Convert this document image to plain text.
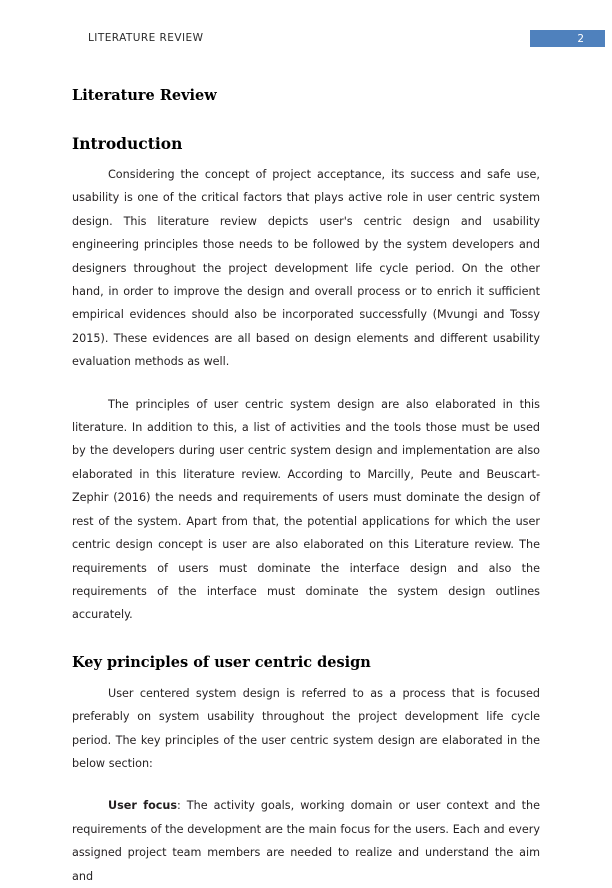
LITERATURE REVIEW	2
Literature Review
Introduction

Considering the concept of project acceptance, its success and safe use, usability is one of the critical factors that plays active role in user centric system design. This literature review depicts user's centric design and usability engineering principles those needs to be followed by the system developers and designers throughout the project development life cycle period. On the other hand, in order to improve the design and overall process or to enrich it sufficient empirical evidences should also be incorporated successfully (Mvungi and Tossy 2015). These evidences are all based on design elements and different usability evaluation methods as well.

The principles of user centric system design are also elaborated in this literature. In addition to this, a list of activities and the tools those must be used by the developers during user centric system design and implementation are also elaborated in this literature review. According to Marcilly, Peute and Beuscart-Zephir (2016) the needs and requirements of users must dominate the design of rest of the system. Apart from that, the potential applications for which the user centric design concept is user are also elaborated on this Literature review. The requirements of users must dominate the interface design and also the requirements of the interface must dominate the system design outlines accurately.

Key principles of user centric design

User centered system design is referred to as a process that is focused preferably on system usability throughout the project development life cycle period. The key principles of the user centric system design are elaborated in the below section:

User focus: The activity goals, working domain or user context and the requirements of the development are the main focus for the users. Each and every assigned project team members are needed to realize and understand the aim and
